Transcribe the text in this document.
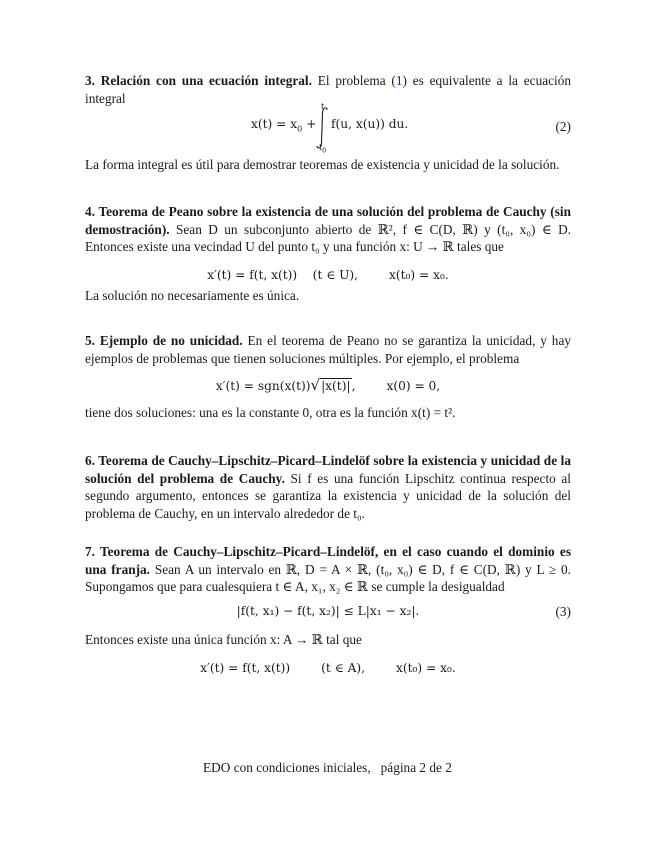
3. Relación con una ecuación integral. El problema (1) es equivalente a la ecuación integral

$x(t) = x_0$ +
t
$t_0$
f(u, x(u)) du.	(2)

La forma integral es útil para demostrar teoremas de existencia y unicidad de la solución.

4. Teorema de Peano sobre la existencia de una solución del problema de Cauchy (sin demostración). Sean D un subconjunto abierto de ℝ², f ∈ C(D, ℝ) y (t₀, x₀) ∈ D. Entonces existe una vecindad U del punto t₀ y una función x: U → ℝ tales que

x′(t) = f(t, x(t))    (t ∈ U),        x(t₀) = x₀.

La solución no necesariamente es única.

5. Ejemplo de no unicidad. En el teorema de Peano no se garantiza la unicidad, y hay ejemplos de problemas que tienen soluciones múltiples. Por ejemplo, el problema

x′(t) = sgn(x(t))√|x(t)|,        x(0) = 0,

tiene dos soluciones: una es la constante 0, otra es la función x(t) = t².

6. Teorema de Cauchy–Lipschitz–Picard–Lindelöf sobre la existencia y unicidad de la solución del problema de Cauchy. Si f es una función Lipschitz continua respecto al segundo argumento, entonces se garantiza la existencia y unicidad de la solución del problema de Cauchy, en un intervalo alrededor de t₀.

7. Teorema de Cauchy–Lipschitz–Picard–Lindelöf, en el caso cuando el dominio es una franja. Sean A un intervalo en ℝ, D = A × ℝ, (t₀, x₀) ∈ D, f ∈ C(D, ℝ) y L ≥ 0. Supongamos que para cualesquiera t ∈ A, x₁, x₂ ∈ ℝ se cumple la desigualdad

|f(t, x₁) − f(t, x₂)| ≤ L|x₁ − x₂|.	(3)

Entonces existe una única función x: A → ℝ tal que

x′(t) = f(t, x(t))        (t ∈ A),        x(t₀) = x₀.
EDO con condiciones iniciales,   página 2 de 2
